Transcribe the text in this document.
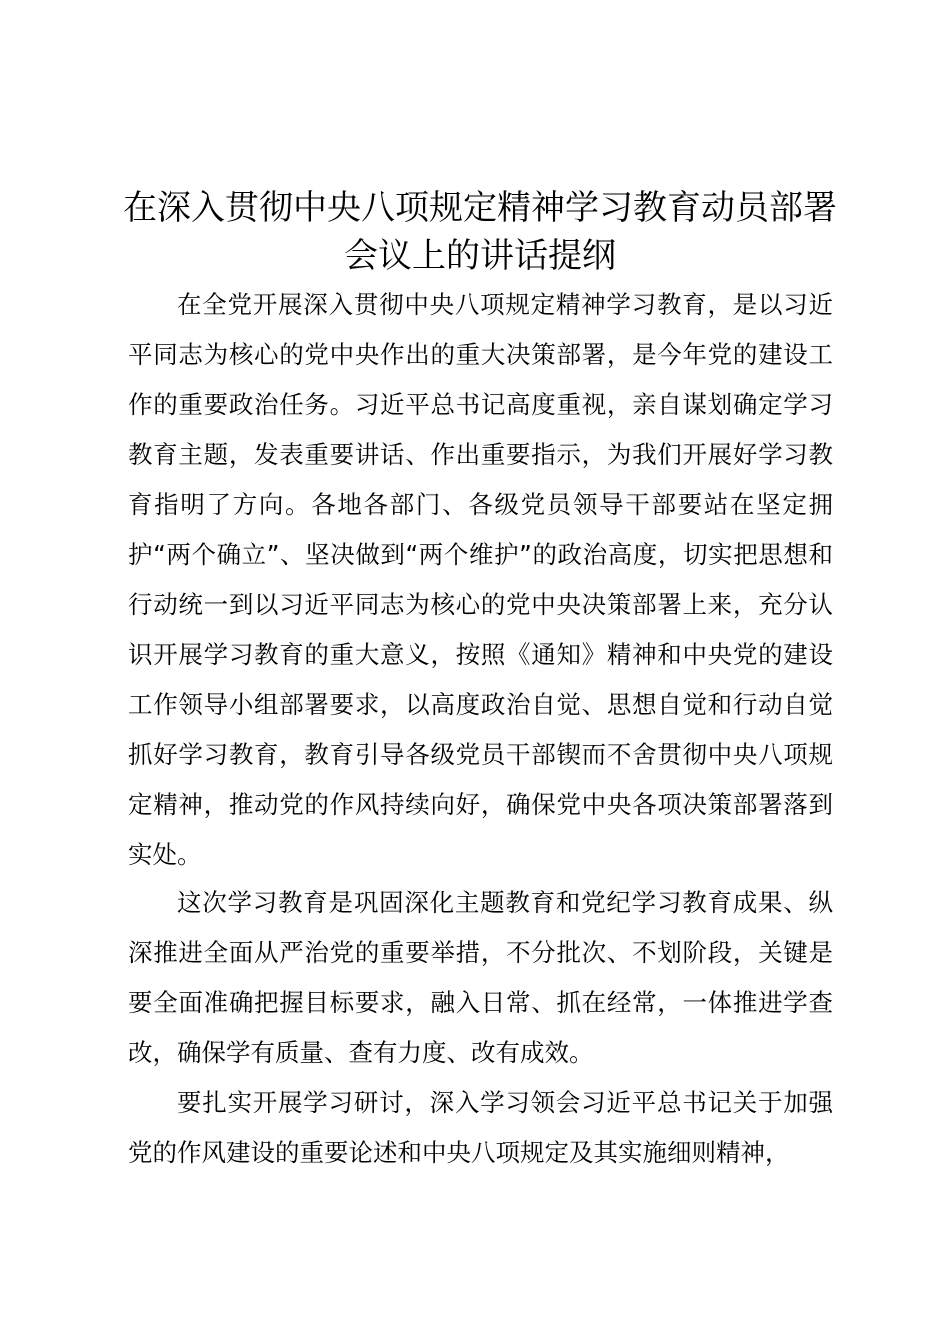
在深入贯彻中央八项规定精神学习教育动员部署会议上的讲话提纲

在全党开展深入贯彻中央八项规定精神学习教育，是以习近平同志为核心的党中央作出的重大决策部署，是今年党的建设工作的重要政治任务。习近平总书记高度重视，亲自谋划确定学习教育主题，发表重要讲话、作出重要指示，为我们开展好学习教育指明了方向。各地各部门、各级党员领导干部要站在坚定拥护“两个确立”、坚决做到“两个维护”的政治高度，切实把思想和行动统一到以习近平同志为核心的党中央决策部署上来，充分认识开展学习教育的重大意义，按照《通知》精神和中央党的建设工作领导小组部署要求，以高度政治自觉、思想自觉和行动自觉抓好学习教育，教育引导各级党员干部锲而不舍贯彻中央八项规定精神，推动党的作风持续向好，确保党中央各项决策部署落到实处。

这次学习教育是巩固深化主题教育和党纪学习教育成果、纵深推进全面从严治党的重要举措，不分批次、不划阶段，关键是要全面准确把握目标要求，融入日常、抓在经常，一体推进学查改，确保学有质量、查有力度、改有成效。

要扎实开展学习研讨，深入学习领会习近平总书记关于加强党的作风建设的重要论述和中央八项规定及其实施细则精神，
